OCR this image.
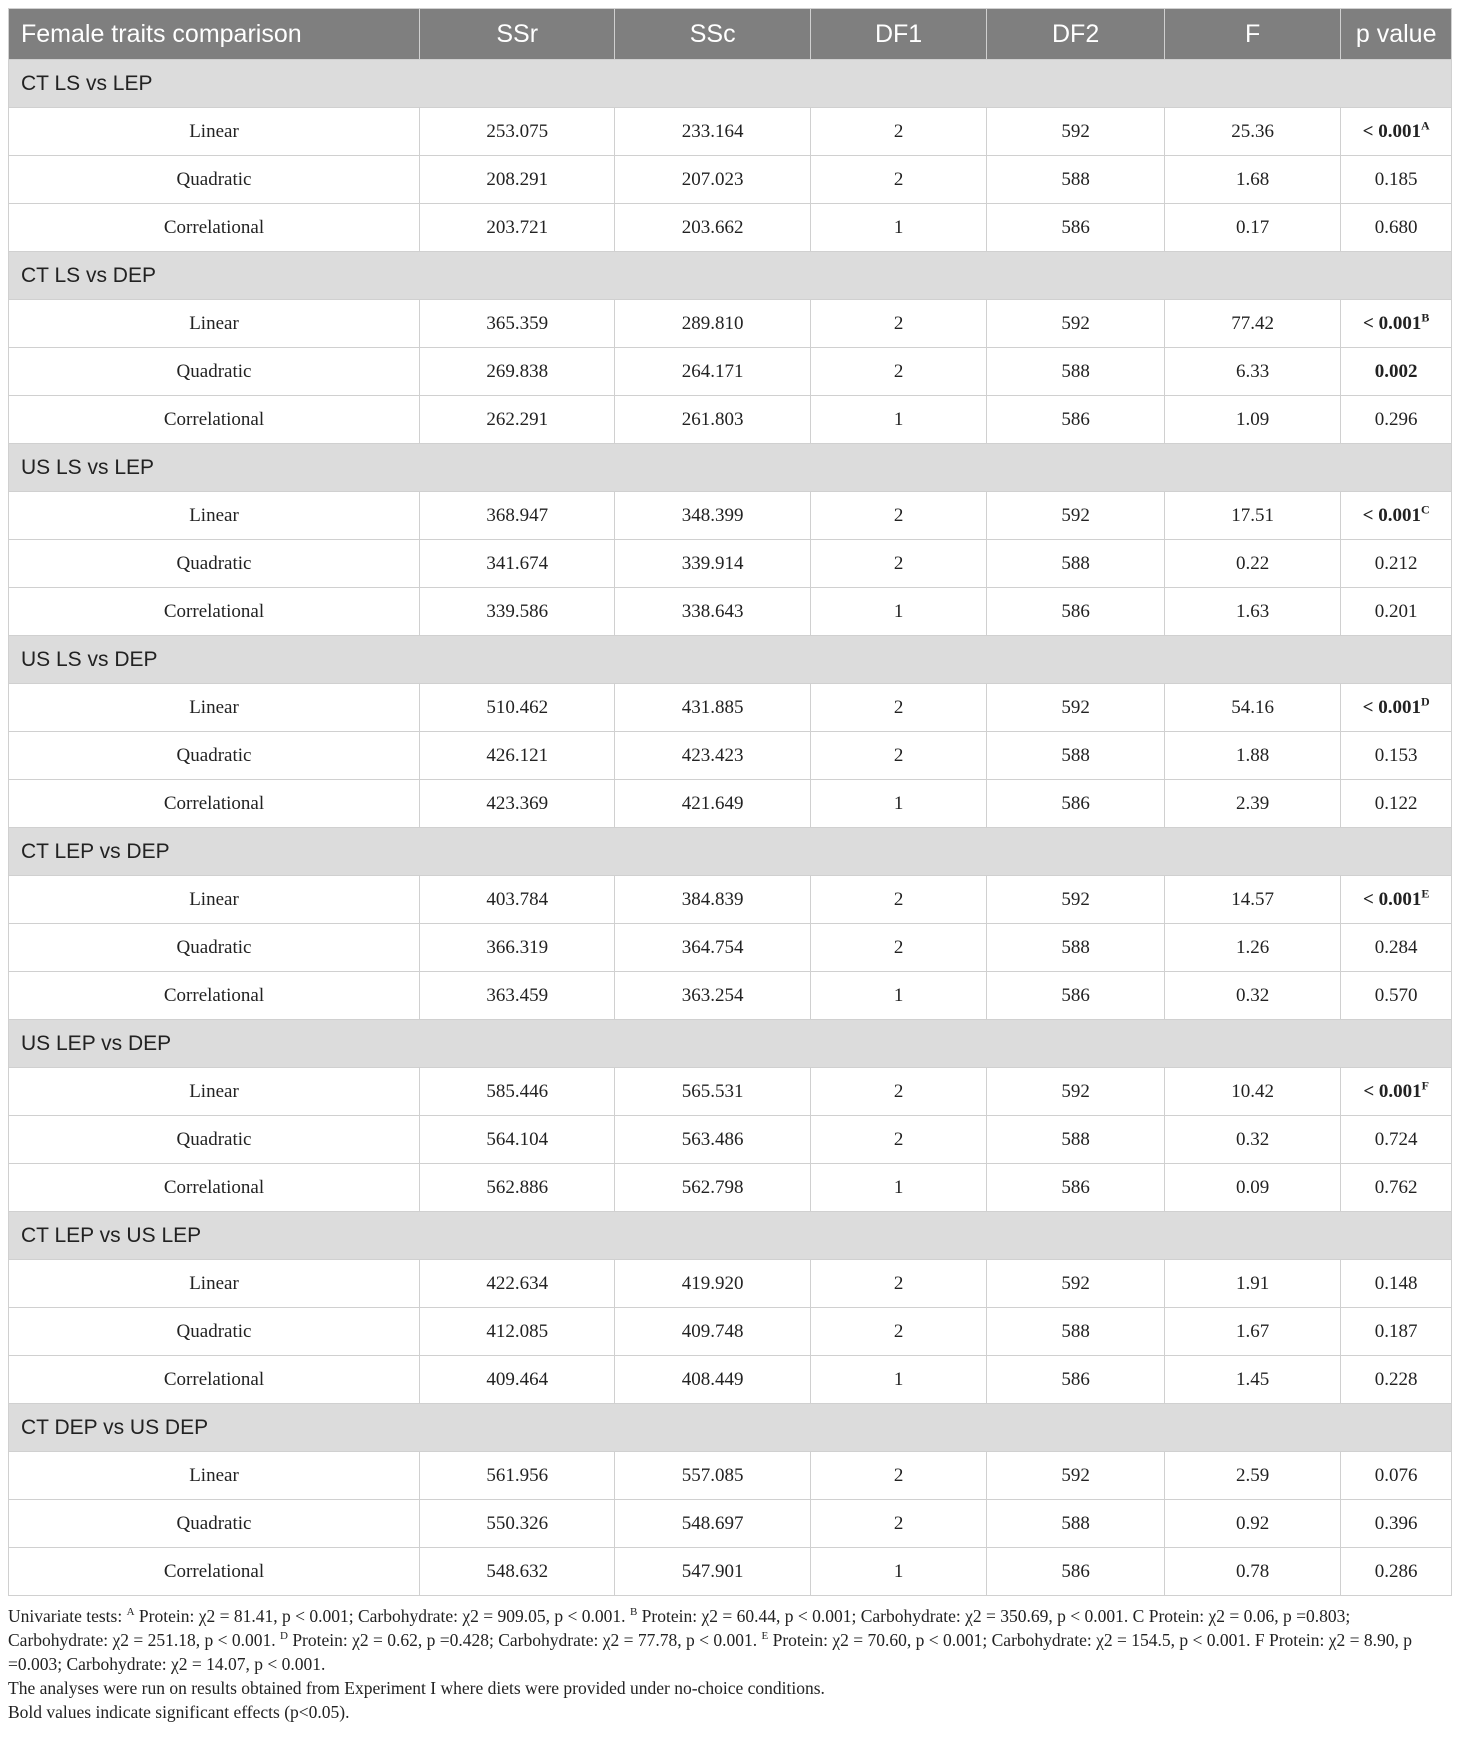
Female traits comparison	SSr	SSc	DF1	DF2	F	p value
CT LS vs LEP						
Linear	253.075	233.164	2	592	25.36	< $0.001^A$
Quadratic	208.291	207.023	2	588	1.68	0.185
Correlational	203.721	203.662	1	586	0.17	0.680
CT LS vs DEP						
Linear	365.359	289.810	2	592	77.42	< $0.001^B$
Quadratic	269.838	264.171	2	588	6.33	0.002
Correlational	262.291	261.803	1	586	1.09	0.296
US LS vs LEP						
Linear	368.947	348.399	2	592	17.51	< $0.001^C$
Quadratic	341.674	339.914	2	588	0.22	0.212
Correlational	339.586	338.643	1	586	1.63	0.201
US LS vs DEP						
Linear	510.462	431.885	2	592	54.16	< $0.001^D$
Quadratic	426.121	423.423	2	588	1.88	0.153
Correlational	423.369	421.649	1	586	2.39	0.122
CT LEP vs DEP						
Linear	403.784	384.839	2	592	14.57	< $0.001^E$
Quadratic	366.319	364.754	2	588	1.26	0.284
Correlational	363.459	363.254	1	586	0.32	0.570
US LEP vs DEP						
Linear	585.446	565.531	2	592	10.42	< $0.001^F$
Quadratic	564.104	563.486	2	588	0.32	0.724
Correlational	562.886	562.798	1	586	0.09	0.762
CT LEP vs US LEP						
Linear	422.634	419.920	2	592	1.91	0.148
Quadratic	412.085	409.748	2	588	1.67	0.187
Correlational	409.464	408.449	1	586	1.45	0.228
CT DEP vs US DEP						
Linear	561.956	557.085	2	592	2.59	0.076
Quadratic	550.326	548.697	2	588	0.92	0.396
Correlational	548.632	547.901	1	586	0.78	0.286

Univariate tests: $^A$ Protein: χ2 = 81.41, p < 0.001; Carbohydrate: χ2 = 909.05, p < 0.001. $^B$ Protein: χ2 = 60.44, p < 0.001; Carbohydrate: χ2 = 350.69, p < 0.001. C Protein: χ2 = 0.06, p =0.803; Carbohydrate: χ2 = 251.18, p < 0.001. $^D$ Protein: χ2 = 0.62, p =0.428; Carbohydrate: χ2 = 77.78, p < 0.001. $^E$ Protein: χ2 = 70.60, p < 0.001; Carbohydrate: χ2 = 154.5, p < 0.001. F Protein: χ2 = 8.90, p =0.003; Carbohydrate: χ2 = 14.07, p < 0.001.

The analyses were run on results obtained from Experiment I where diets were provided under no-choice conditions.

Bold values indicate significant effects (p<0.05).
